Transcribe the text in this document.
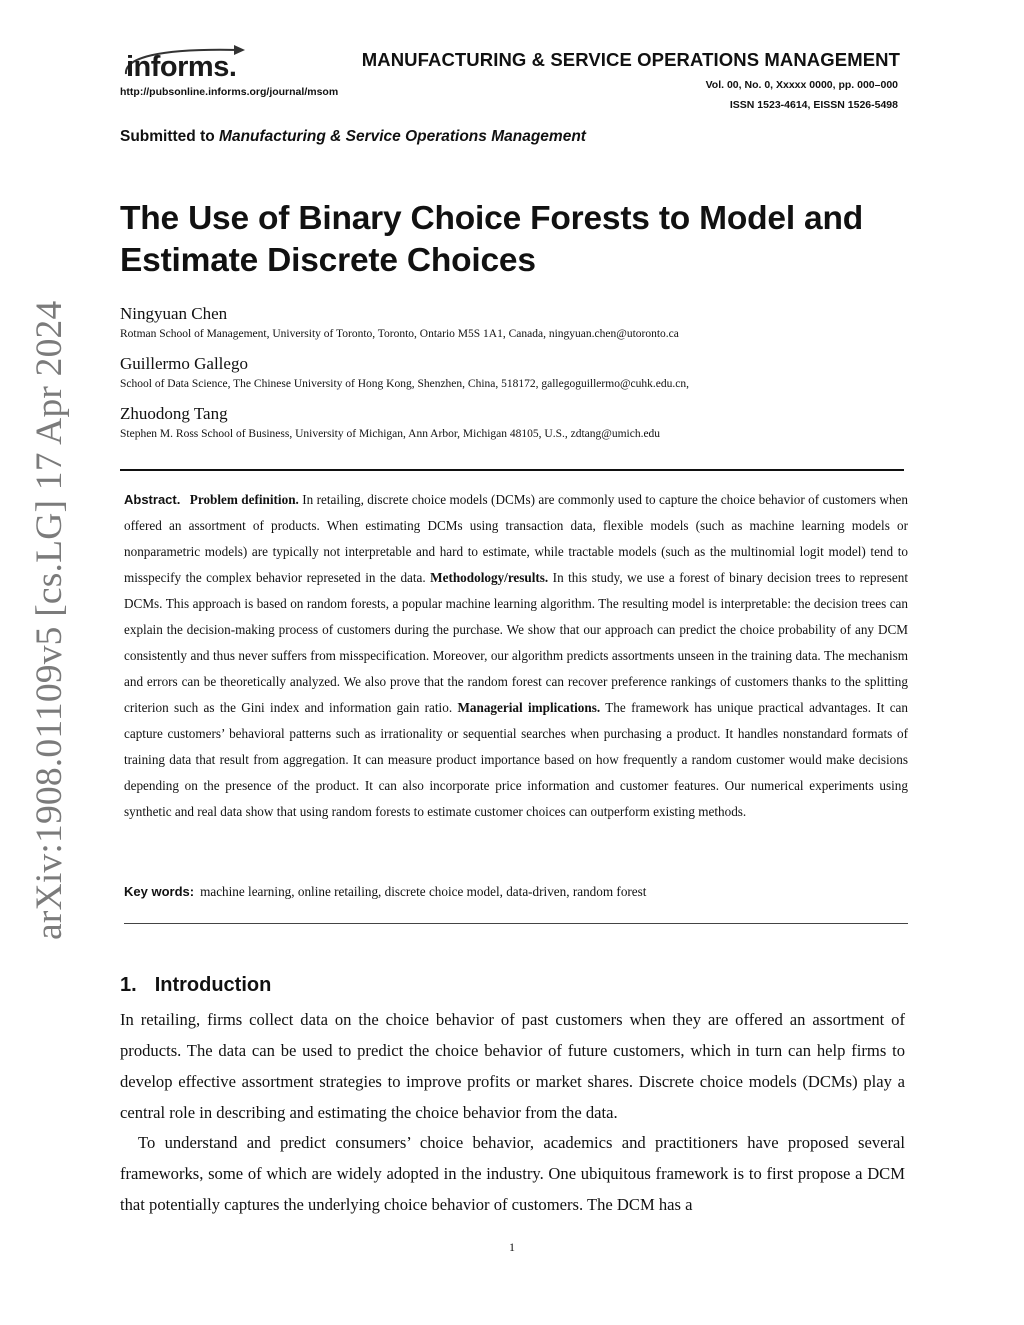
arXiv:1908.01109v5 [cs.LG] 17 Apr 2024
informs.
http://pubsonline.informs.org/journal/msom
MANUFACTURING & SERVICE OPERATIONS MANAGEMENT
Vol. 00, No. 0, Xxxxx 0000, pp. 000–000
ISSN 1523-4614, EISSN 1526-5498
Submitted to Manufacturing & Service Operations Management
The Use of Binary Choice Forests to Model and Estimate Discrete Choices
Ningyuan Chen
Rotman School of Management, University of Toronto, Toronto, Ontario M5S 1A1, Canada, ningyuan.chen@utoronto.ca
Guillermo Gallego
School of Data Science, The Chinese University of Hong Kong, Shenzhen, China, 518172, gallegoguillermo@cuhk.edu.cn,
Zhuodong Tang
Stephen M. Ross School of Business, University of Michigan, Ann Arbor, Michigan 48105, U.S., zdtang@umich.edu

Abstract. Problem definition. In retailing, discrete choice models (DCMs) are commonly used to capture the choice behavior of customers when offered an assortment of products. When estimating DCMs using transaction data, flexible models (such as machine learning models or nonparametric models) are typically not interpretable and hard to estimate, while tractable models (such as the multinomial logit model) tend to misspecify the complex behavior represeted in the data. Methodology/results. In this study, we use a forest of binary decision trees to represent DCMs. This approach is based on random forests, a popular machine learning algorithm. The resulting model is interpretable: the decision trees can explain the decision-making process of customers during the purchase. We show that our approach can predict the choice probability of any DCM consistently and thus never suffers from misspecification. Moreover, our algorithm predicts assortments unseen in the training data. The mechanism and errors can be theoretically analyzed. We also prove that the random forest can recover preference rankings of customers thanks to the splitting criterion such as the Gini index and information gain ratio. Managerial implications. The framework has unique practical advantages. It can capture customers’ behavioral patterns such as irrationality or sequential searches when purchasing a product. It handles nonstandard formats of training data that result from aggregation. It can measure product importance based on how frequently a random customer would make decisions depending on the presence of the product. It can also incorporate price information and customer features. Our numerical experiments using synthetic and real data show that using random forests to estimate customer choices can outperform existing methods.

Key words: machine learning, online retailing, discrete choice model, data-driven, random forest
1. Introduction

In retailing, firms collect data on the choice behavior of past customers when they are offered an assortment of products. The data can be used to predict the choice behavior of future customers, which in turn can help firms to develop effective assortment strategies to improve profits or market shares. Discrete choice models (DCMs) play a central role in describing and estimating the choice behavior from the data.

To understand and predict consumers’ choice behavior, academics and practitioners have proposed several frameworks, some of which are widely adopted in the industry. One ubiquitous framework is to first propose a DCM that potentially captures the underlying choice behavior of customers. The DCM has a

1
